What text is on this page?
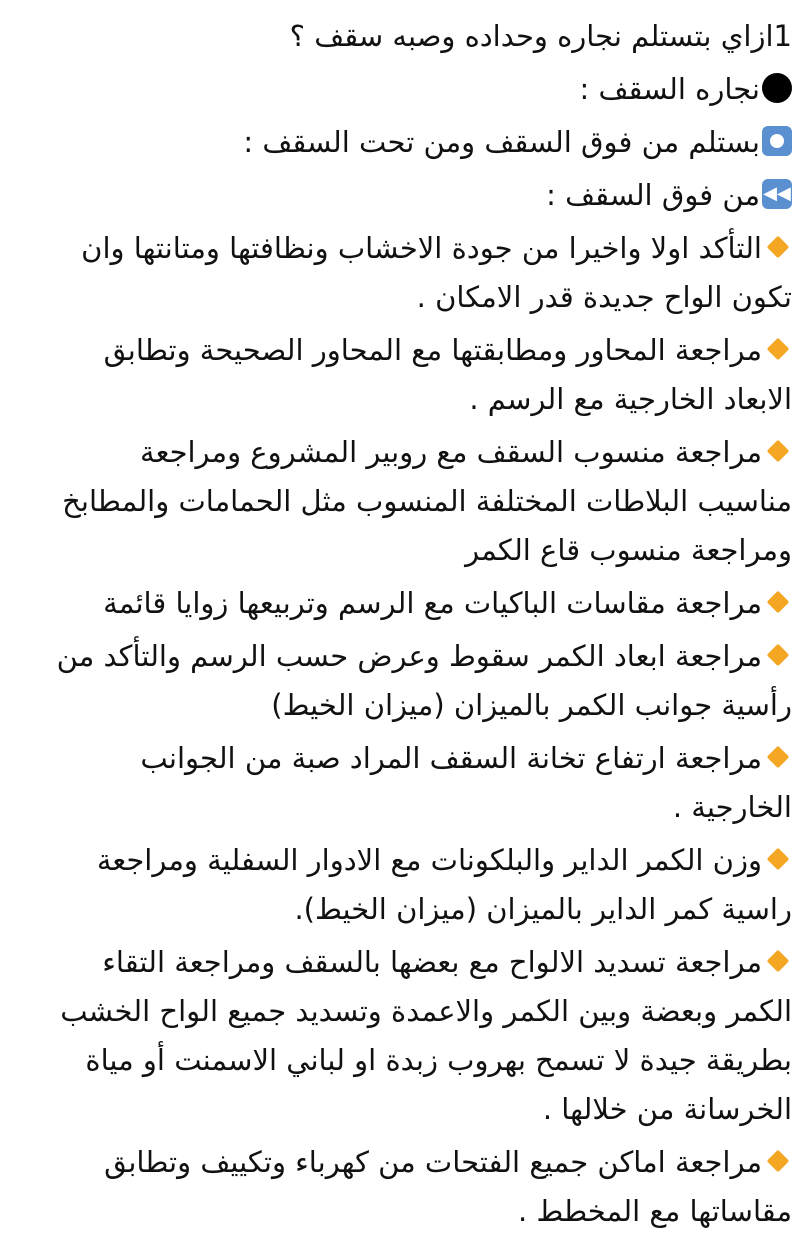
1ازاي بتستلم نجاره وحداده وصبه سقف ؟

نجاره السقف :

بستلم من فوق السقف ومن تحت السقف :

◀◀من فوق السقف :

التأكد اولا واخيرا من جودة الاخشاب ونظافتها ومتانتها وان تكون الواح جديدة قدر الامكان .

مراجعة المحاور ومطابقتها مع المحاور الصحيحة وتطابق الابعاد الخارجية مع الرسم .

مراجعة منسوب السقف مع روبير المشروع ومراجعة مناسيب البلاطات المختلفة المنسوب مثل الحمامات والمطابخ ومراجعة منسوب قاع الكمر

مراجعة مقاسات الباكيات مع الرسم وتربيعها زوايا قائمة

مراجعة ابعاد الكمر سقوط وعرض حسب الرسم والتأكد من رأسية جوانب الكمر بالميزان (ميزان الخيط)

مراجعة ارتفاع تخانة السقف المراد صبة من الجوانب الخارجية .

وزن الكمر الداير والبلكونات مع الادوار السفلية ومراجعة راسية كمر الداير بالميزان (ميزان الخيط).

مراجعة تسديد الالواح مع بعضها بالسقف ومراجعة التقاء الكمر وبعضة وبين الكمر والاعمدة وتسديد جميع الواح الخشب بطريقة جيدة لا تسمح بهروب زبدة او لباني الاسمنت أو مياة الخرسانة من خلالها .

مراجعة اماكن جميع الفتحات من كهرباء وتكييف وتطابق مقاساتها مع المخطط .
